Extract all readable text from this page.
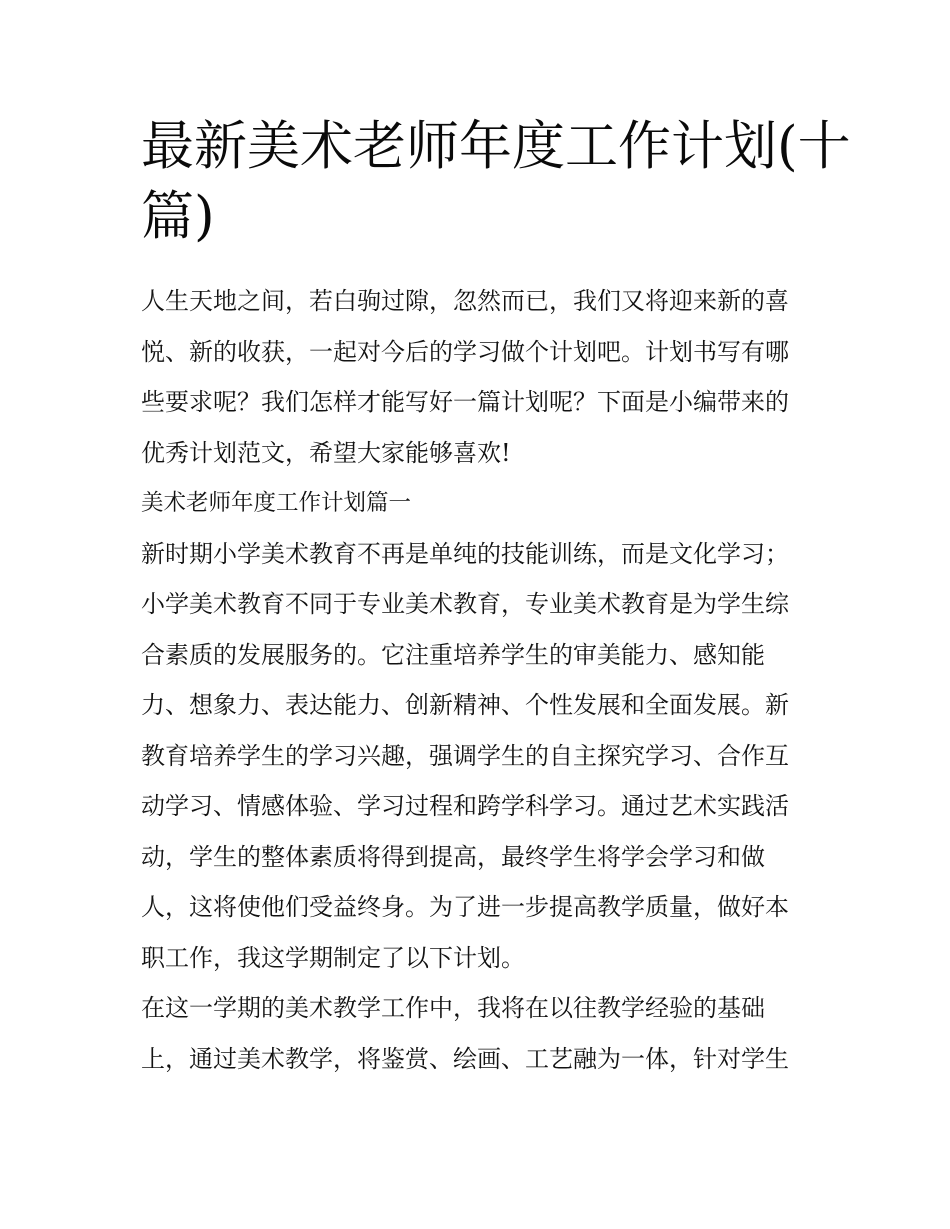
最新美术老师年度工作计划(十
篇)

人生天地之间，若白驹过隙，忽然而已，我们又将迎来新的喜
悦、新的收获，一起对今后的学习做个计划吧。计划书写有哪
些要求呢？我们怎样才能写好一篇计划呢？下面是小编带来的
优秀计划范文，希望大家能够喜欢!

美术老师年度工作计划篇一

新时期小学美术教育不再是单纯的技能训练，而是文化学习；
小学美术教育不同于专业美术教育，专业美术教育是为学生综
合素质的发展服务的。它注重培养学生的审美能力、感知能
力、想象力、表达能力、创新精神、个性发展和全面发展。新
教育培养学生的学习兴趣，强调学生的自主探究学习、合作互
动学习、情感体验、学习过程和跨学科学习。通过艺术实践活
动，学生的整体素质将得到提高，最终学生将学会学习和做
人，这将使他们受益终身。为了进一步提高教学质量，做好本
职工作，我这学期制定了以下计划。

在这一学期的美术教学工作中，我将在以往教学经验的基础
上，通过美术教学，将鉴赏、绘画、工艺融为一体，针对学生
